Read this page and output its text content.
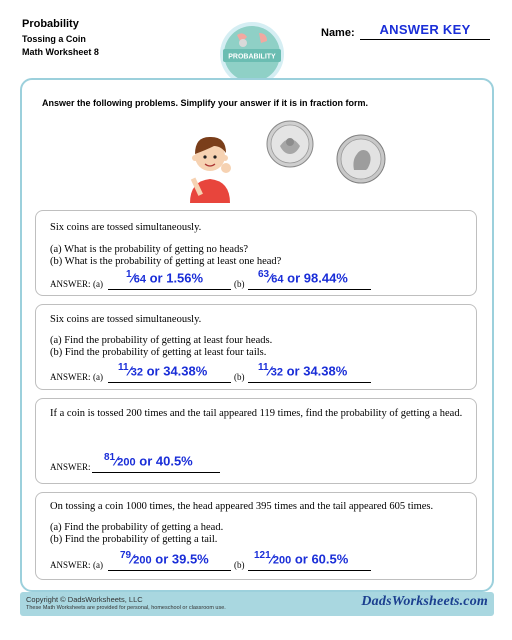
Probability
Tossing a Coin
Math Worksheet 8	PROBABILITY
Name:	ANSWER KEY
Answer the following problems. Simplify your answer if it is in fraction form.
Six coins are tossed simultaneously.
(a) What is the probability of getting no heads?
(b) What is the probability of getting at least one head?
ANSWER: (a)
$^1$⁄64 or 1.56%	(b)
$^{63}$⁄64 or 98.44%
Six coins are tossed simultaneously.
(a) Find the probability of getting at least four heads.
(b) Find the probability of getting at least four tails.
ANSWER: (a)
$^{11}$⁄32 or 34.38%	(b)
$^{11}$⁄32 or 34.38%
If a coin is tossed 200 times and the tail appeared 119 times, find the probability of getting a head.
ANSWER:
$^{81}$⁄200 or 40.5%
On tossing a coin 1000 times, the head appeared 395 times and the tail appeared 605 times.
(a) Find the probability of getting a head.
(b) Find the probability of getting a tail.
ANSWER: (a)
$^{79}$⁄200 or 39.5%	(b)
$^{121}$⁄200 or 60.5%
Copyright © DadsWorksheets, LLC
These Math Worksheets are provided for personal, homeschool or classroom use.	DadsWorksheets.com
